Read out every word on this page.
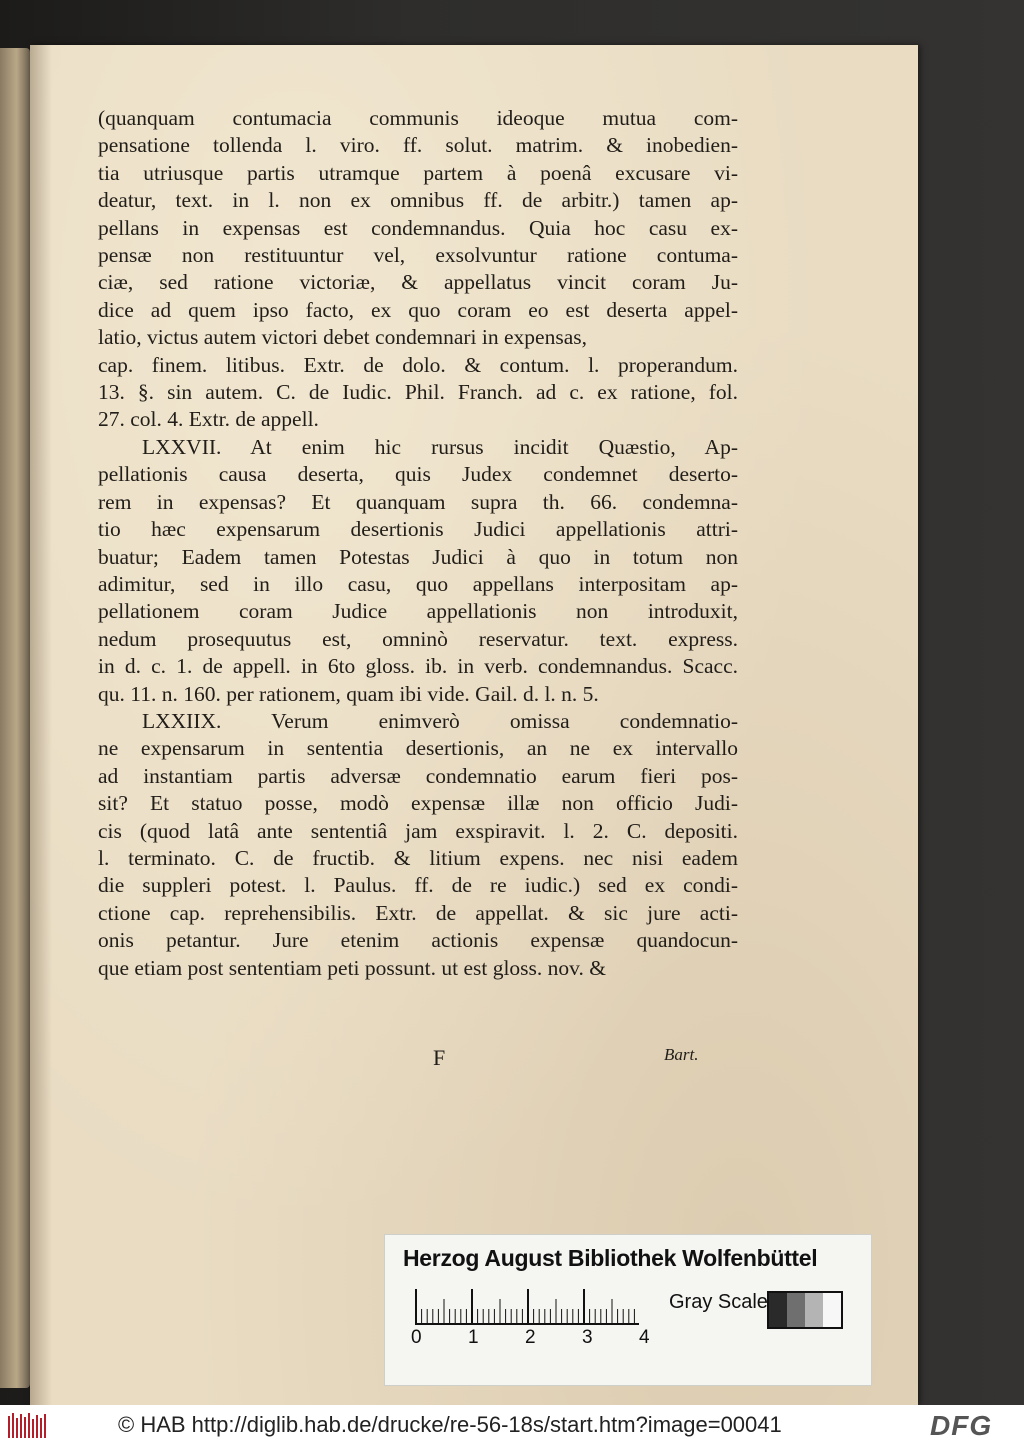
(quanquam contumacia communis ideoque mutua com-
pensatione tollenda l. viro. ff. solut. matrim. & inobedien-
tia utriusque partis utramque partem à poenâ excusare vi-
deatur, text. in l. non ex omnibus ff. de arbitr.) tamen ap-
pellans in expensas est condemnandus. Quia hoc casu ex-
pensæ non restituuntur vel, exsolvuntur ratione contuma-
ciæ, sed ratione victoriæ, & appellatus vincit coram Ju-
dice ad quem ipso facto, ex quo coram eo est deserta appel-
latio, victus autem victori debet condemnari in expensas,
cap. finem. litibus. Extr. de dolo. & contum. l. properandum.
13. §. sin autem. C. de Iudic. Phil. Franch. ad c. ex ratione, fol.
27. col. 4. Extr. de appell.
LXXVII. At enim hic rursus incidit Quæstio, Ap-
pellationis causa deserta, quis Judex condemnet deserto-
rem in expensas? Et quanquam supra th. 66. condemna-
tio hæc expensarum desertionis Judici appellationis attri-
buatur; Eadem tamen Potestas Judici à quo in totum non
adimitur, sed in illo casu, quo appellans interpositam ap-
pellationem coram Judice appellationis non introduxit,
nedum prosequutus est, omninò reservatur. text. express.
in d. c. 1. de appell. in 6to gloss. ib. in verb. condemnandus. Scacc.
qu. 11. n. 160. per rationem, quam ibi vide. Gail. d. l. n. 5.
LXXIIX. Verum enimverò omissa condemnatio-
ne expensarum in sententia desertionis, an ne ex intervallo
ad instantiam partis adversæ condemnatio earum fieri pos-
sit? Et statuo posse, modò expensæ illæ non officio Judi-
cis (quod latâ ante sententiâ jam exspiravit. l. 2. C. depositi.
l. terminato. C. de fructib. & litium expens. nec nisi eadem
die suppleri potest. l. Paulus. ff. de re iudic.) sed ex condi-
ctione cap. reprehensibilis. Extr. de appellat. & sic jure acti-
onis petantur. Jure etenim actionis expensæ quandocun-
que etiam post sententiam peti possunt. ut est gloss. nov. &
F	Bart.
Herzog August Bibliothek Wolfenbüttel
0 1 2 3 4
Gray Scale
© HAB http://diglib.hab.de/drucke/re-56-18s/start.htm?image=00041	DFG
